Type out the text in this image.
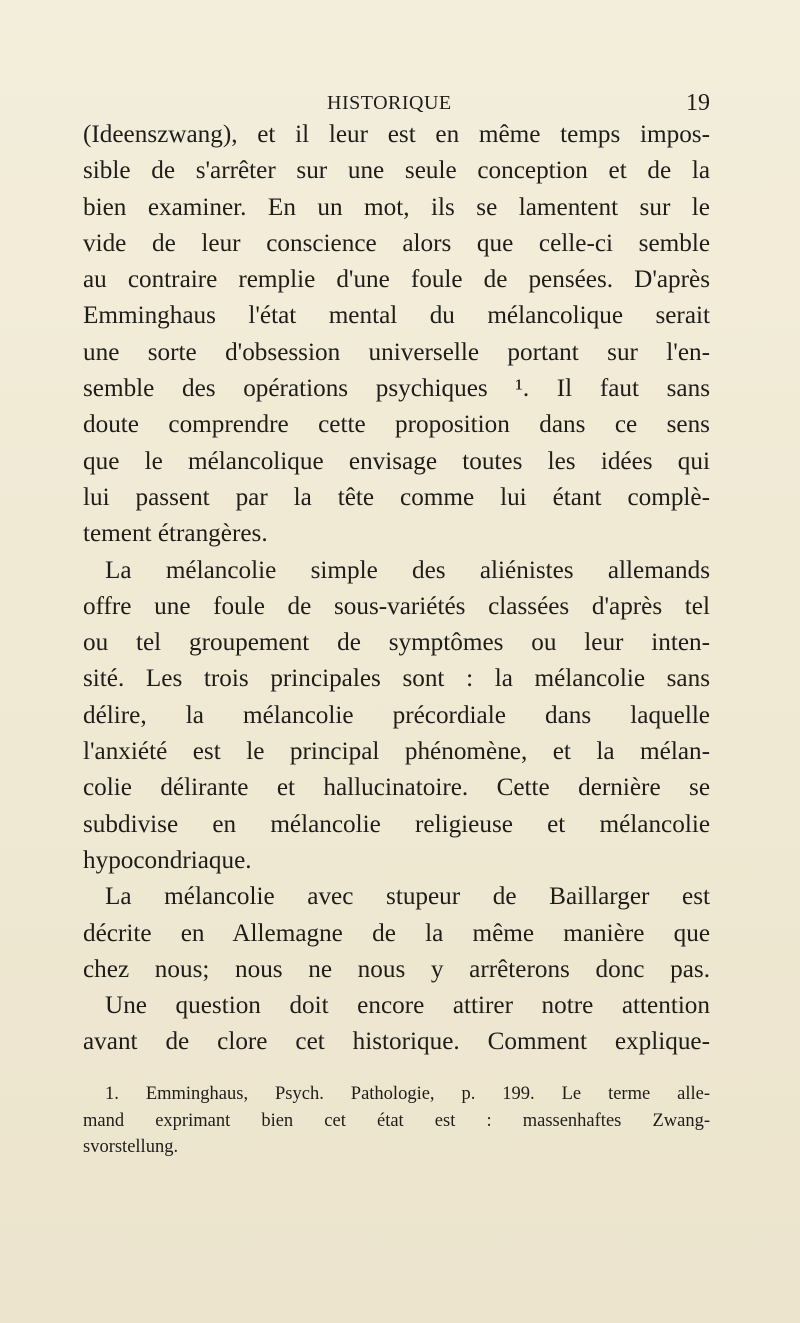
HISTORIQUE	19
(Ideenszwang), et il leur est en même temps impos-
sible de s'arrêter sur une seule conception et de la
bien examiner. En un mot, ils se lamentent sur le
vide de leur conscience alors que celle-ci semble
au contraire remplie d'une foule de pensées. D'après
Emminghaus l'état mental du mélancolique serait
une sorte d'obsession universelle portant sur l'en-
semble des opérations psychiques ¹. Il faut sans
doute comprendre cette proposition dans ce sens
que le mélancolique envisage toutes les idées qui
lui passent par la tête comme lui étant complè-
tement étrangères.
La mélancolie simple des aliénistes allemands
offre une foule de sous-variétés classées d'après tel
ou tel groupement de symptômes ou leur inten-
sité. Les trois principales sont : la mélancolie sans
délire, la mélancolie précordiale dans laquelle
l'anxiété est le principal phénomène, et la mélan-
colie délirante et hallucinatoire. Cette dernière se
subdivise en mélancolie religieuse et mélancolie
hypocondriaque.
La mélancolie avec stupeur de Baillarger est
décrite en Allemagne de la même manière que
chez nous; nous ne nous y arrêterons donc pas.
Une question doit encore attirer notre attention
avant de clore cet historique. Comment explique-
1. Emminghaus, Psych. Pathologie, p. 199. Le terme alle-
mand exprimant bien cet état est : massenhaftes Zwang-
svorstellung.
